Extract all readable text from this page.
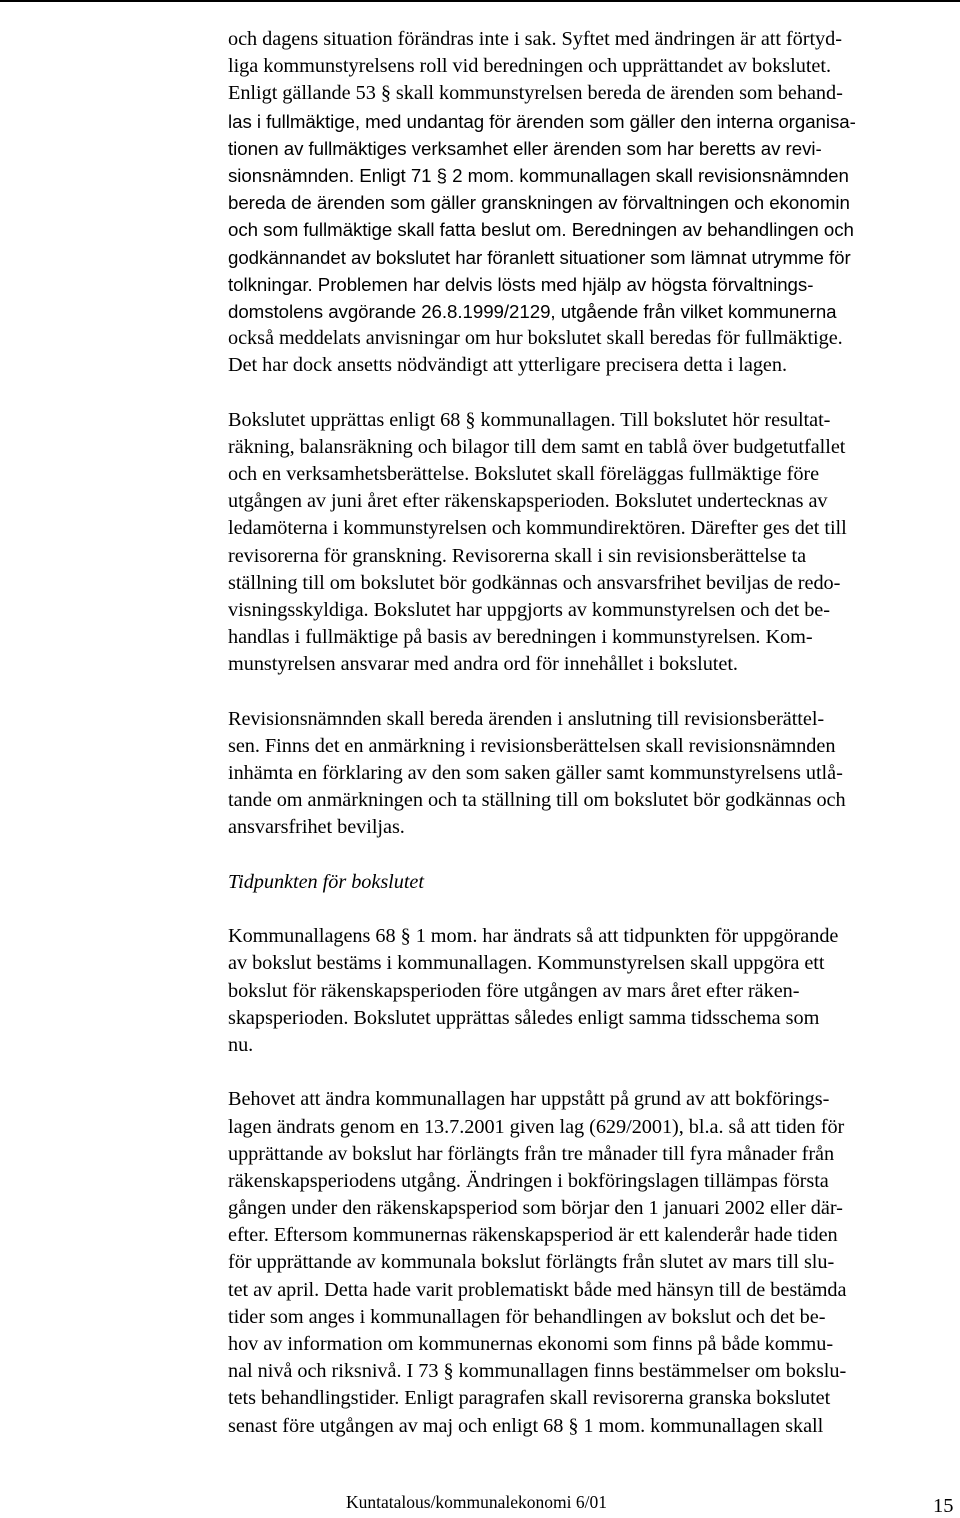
och dagens situation förändras inte i sak. Syftet med ändringen är att förtyd-
liga kommunstyrelsens roll vid beredningen och upprättandet av bokslutet.
Enligt gällande 53 § skall kommunstyrelsen bereda de ärenden som behand-
las i fullmäktige, med undantag för ärenden som gäller den interna organisa-
tionen av fullmäktiges verksamhet eller ärenden som har beretts av revi-
sionsnämnden. Enligt 71 § 2 mom. kommunallagen skall revisionsnämnden
bereda de ärenden som gäller granskningen av förvaltningen och ekonomin
och som fullmäktige skall fatta beslut om. Beredningen av behandlingen och
godkännandet av bokslutet har föranlett situationer som lämnat utrymme för
tolkningar. Problemen har delvis lösts med hjälp av högsta förvaltnings-
domstolens avgörande 26.8.1999/2129, utgående från vilket kommunerna
också meddelats anvisningar om hur bokslutet skall beredas för fullmäktige.
Det har dock ansetts nödvändigt att ytterligare precisera detta i lagen.
Bokslutet upprättas enligt 68 § kommunallagen. Till bokslutet hör resultat-
räkning, balansräkning och bilagor till dem samt en tablå över budgetutfallet
och en verksamhetsberättelse. Bokslutet skall föreläggas fullmäktige före
utgången av juni året efter räkenskapsperioden. Bokslutet undertecknas av
ledamöterna i kommunstyrelsen och kommundirektören. Därefter ges det till
revisorerna för granskning. Revisorerna skall i sin revisionsberättelse ta
ställning till om bokslutet bör godkännas och ansvarsfrihet beviljas de redo-
visningsskyldiga. Bokslutet har uppgjorts av kommunstyrelsen och det be-
handlas i fullmäktige på basis av beredningen i kommunstyrelsen. Kom-
munstyrelsen ansvarar med andra ord för innehållet i bokslutet.
Revisionsnämnden skall bereda ärenden i anslutning till revisionsberättel-
sen. Finns det en anmärkning i revisionsberättelsen skall revisionsnämnden
inhämta en förklaring av den som saken gäller samt kommunstyrelsens utlå-
tande om anmärkningen och ta ställning till om bokslutet bör godkännas och
ansvarsfrihet beviljas.
Tidpunkten för bokslutet
Kommunallagens 68 § 1 mom. har ändrats så att tidpunkten för uppgörande
av bokslut bestäms i kommunallagen. Kommunstyrelsen skall uppgöra ett
bokslut för räkenskapsperioden före utgången av mars året efter räken-
skapsperioden. Bokslutet upprättas således enligt samma tidsschema som
nu.
Behovet att ändra kommunallagen har uppstått på grund av att bokförings-
lagen ändrats genom en 13.7.2001 given lag (629/2001), bl.a. så att tiden för
upprättande av bokslut har förlängts från tre månader till fyra månader från
räkenskapsperiodens utgång. Ändringen i bokföringslagen tillämpas första
gången under den räkenskapsperiod som börjar den 1 januari 2002 eller där-
efter. Eftersom kommunernas räkenskapsperiod är ett kalenderår hade tiden
för upprättande av kommunala bokslut förlängts från slutet av mars till slu-
tet av april. Detta hade varit problematiskt både med hänsyn till de bestämda
tider som anges i kommunallagen för behandlingen av bokslut och det be-
hov av information om kommunernas ekonomi som finns på både kommu-
nal nivå och riksnivå. I 73 § kommunallagen finns bestämmelser om bokslu-
tets behandlingstider. Enligt paragrafen skall revisorerna granska bokslutet
senast före utgången av maj och enligt 68 § 1 mom. kommunallagen skall
Kuntatalous/kommunalekonomi 6/01	15
